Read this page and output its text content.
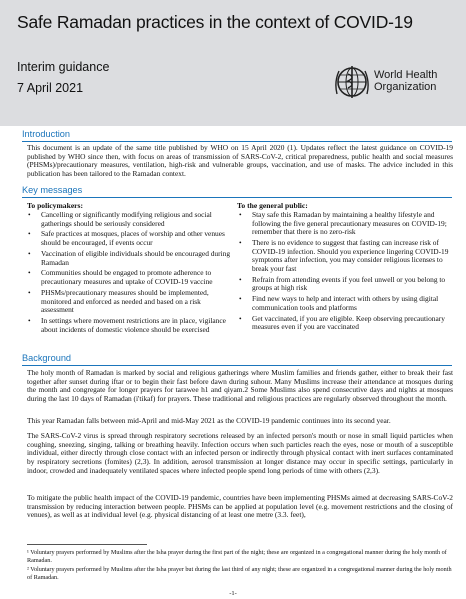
Safe Ramadan practices in the context of COVID-19
Interim guidance
7 April 2021
World Health
Organization
Introduction
This document is an update of the same title published by WHO on 15 April 2020 (1). Updates reflect the latest guidance on COVID-19 published by WHO since then, with focus on areas of transmission of SARS-CoV-2, critical preparedness, public health and social measures (PHSMs)/precautionary measures, ventilation, high-risk and vulnerable groups, vaccination, and use of masks. The advice included in this publication has been tailored to the Ramadan context.
Key messages
To policymakers:
• Cancelling or significantly modifying religious and social gatherings should be seriously considered
• Safe practices at mosques, places of worship and other venues should be encouraged, if events occur
• Vaccination of eligible individuals should be encouraged during Ramadan
• Communities should be engaged to promote adherence to precautionary measures and uptake of COVID-19 vaccine
• PHSMs/precautionary measures should be implemented, monitored and enforced as needed and based on a risk assessment
• In settings where movement restrictions are in place, vigilance about incidents of domestic violence should be exercised
To the general public:
• Stay safe this Ramadan by maintaining a healthy lifestyle and following the five general precautionary measures on COVID-19; remember that there is no zero-risk
• There is no evidence to suggest that fasting can increase risk of COVID-19 infection. Should you experience lingering COVID-19 symptoms after infection, you may consider religious licenses to break your fast
• Refrain from attending events if you feel unwell or you belong to groups at high risk
• Find new ways to help and interact with others by using digital communication tools and platforms
• Get vaccinated, if you are eligible. Keep observing precautionary measures even if you are vaccinated
Background
The holy month of Ramadan is marked by social and religious gatherings where Muslim families and friends gather, either to break their fast together after sunset during iftar or to begin their fast before dawn during suhour. Many Muslims increase their attendance at mosques during the month and congregate for longer prayers for tarawee h1 and qiyam.2 Some Muslims also spend consecutive days and nights at mosques during the last 10 days of Ramadan (i'tikaf) for prayers. These traditional and religious practices are regularly observed throughout the month.
This year Ramadan falls between mid-April and mid-May 2021 as the COVID-19 pandemic continues into its second year.
The SARS-CoV-2 virus is spread through respiratory secretions released by an infected person's mouth or nose in small liquid particles when coughing, sneezing, singing, talking or breathing heavily. Infection occurs when such particles reach the eyes, nose or mouth of a susceptible individual, either directly through close contact with an infected person or indirectly through physical contact with inert surfaces contaminated by respiratory secretions (fomites) (2,3). In addition, aerosol transmission at longer distance may occur in specific settings, particularly in indoor, crowded and inadequately ventilated spaces where infected people spend long periods of time with others (2,3).
To mitigate the public health impact of the COVID-19 pandemic, countries have been implementing PHSMs aimed at decreasing SARS-CoV-2 transmission by reducing interaction between people. PHSMs can be applied at population level (e.g. movement restrictions and the closing of venues), as well as at individual level (e.g. physical distancing of at least one metre (3.3. feet),
¹ Voluntary prayers performed by Muslims after the Isha prayer during the first part of the night; these are organized in a congregational manner during the holy month of Ramadan.
² Voluntary prayers performed by Muslims after the Isha prayer but during the last third of any night; these are organized in a congregational manner during the holy month of Ramadan.
-1-
